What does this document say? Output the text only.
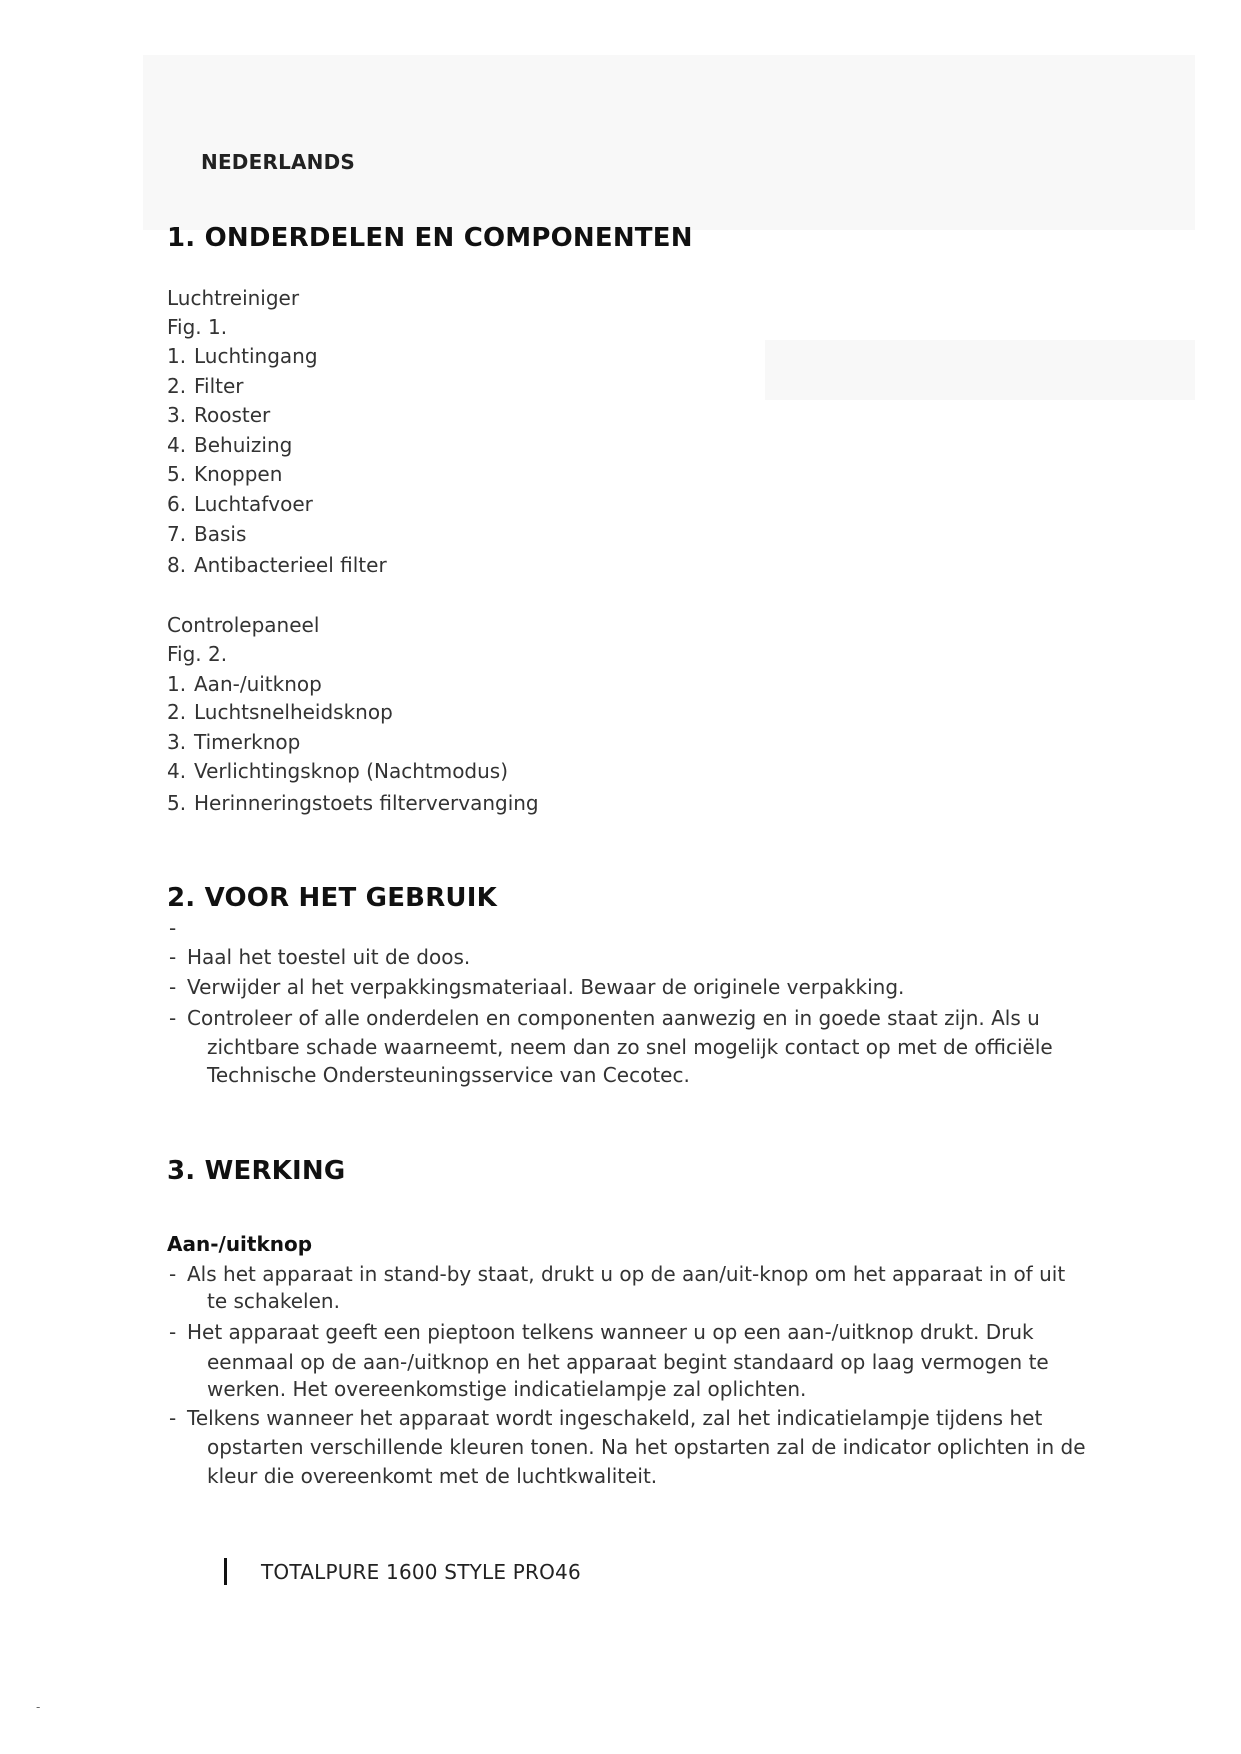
NEDERLANDS
1. ONDERDELEN EN COMPONENTEN
Luchtreiniger
Fig. 1.
1. Luchtingang
2. Filter
3. Rooster
4. Behuizing
5. Knoppen
6. Luchtafvoer
7. Basis
8. Antibacterieel filter
Controlepaneel
Fig. 2.
1. Aan-/uitknop
2. Luchtsnelheidsknop
3. Timerknop
4. Verlichtingsknop (Nachtmodus)
5. Herinneringstoets filtervervanging
2. VOOR HET GEBRUIK
-
- Haal het toestel uit de doos.
- Verwijder al het verpakkingsmateriaal. Bewaar de originele verpakking.
- Controleer of alle onderdelen en componenten aanwezig en in goede staat zijn. Als u
zichtbare schade waarneemt, neem dan zo snel mogelijk contact op met de officiële
Technische Ondersteuningsservice van Cecotec.
3. WERKING
Aan-/uitknop
- Als het apparaat in stand-by staat, drukt u op de aan/uit-knop om het apparaat in of uit
te schakelen.
- Het apparaat geeft een pieptoon telkens wanneer u op een aan-/uitknop drukt. Druk
eenmaal op de aan-/uitknop en het apparaat begint standaard op laag vermogen te
werken. Het overeenkomstige indicatielampje zal oplichten.
- Telkens wanneer het apparaat wordt ingeschakeld, zal het indicatielampje tijdens het
opstarten verschillende kleuren tonen. Na het opstarten zal de indicator oplichten in de
kleur die overeenkomt met de luchtkwaliteit.
TOTALPURE 1600 STYLE PRO46
-
